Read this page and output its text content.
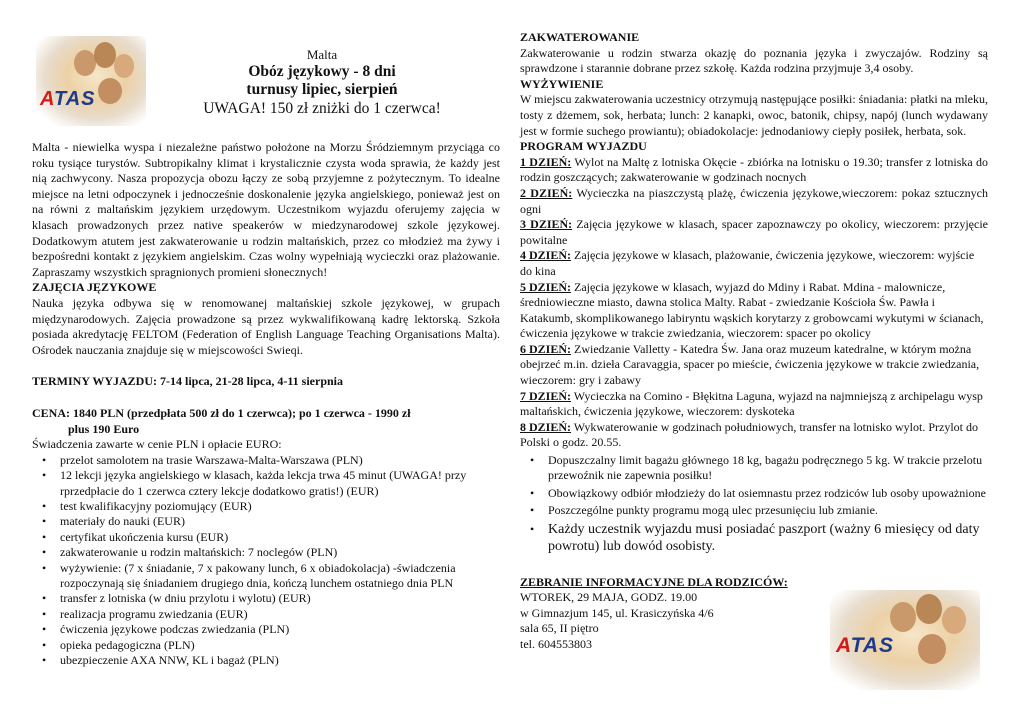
ATAS
Malta
Obóz językowy - 8 dni
turnusy lipiec, sierpień
UWAGA! 150 zł zniżki do 1 czerwca!

Malta - niewielka wyspa i niezależne państwo położone na Morzu Śródziemnym przyciąga co roku tysiące turystów. Subtropikalny klimat i krystalicznie czysta woda sprawia, że każdy jest nią zachwycony. Nasza propozycja obozu łączy ze sobą przyjemne z pożytecznym. To idealne miejsce na letni odpoczynek i jednocześnie doskonalenie języka angielskiego, ponieważ jest on na równi z maltańskim językiem urzędowym. Uczestnikom wyjazdu oferujemy zajęcia w klasach prowadzonych przez native speakerów w miedzynarodowej szkole językowej. Dodatkowym atutem jest zakwaterowanie u rodzin maltańskich, przez co młodzież ma żywy i bezpośredni kontakt z językiem angielskim. Czas wolny wypełniają wycieczki oraz plażowanie. Zapraszamy wszystkich spragnionych promieni słonecznych!

ZAJĘCIA JĘZYKOWE

Nauka języka odbywa się w renomowanej maltańskiej szkole językowej, w grupach międzynarodowych. Zajęcia prowadzone są przez wykwalifikowaną kadrę lektorską. Szkoła posiada akredytację FELTOM (Federation of English Language Teaching Organisations Malta). Ośrodek nauczania znajduje się w miejscowości Swieqi.

TERMINY WYJAZDU: 7-14 lipca, 21-28 lipca, 4-11 sierpnia
CENA: 1840 PLN (przedpłata 500 zł do 1 czerwca); po 1 czerwca - 1990 zł
plus 190 Euro
Świadczenia zawarte w cenie PLN i opłacie EURO:
• przelot samolotem na trasie Warszawa-Malta-Warszawa (PLN)
• 12 lekcji języka angielskiego w klasach, każda lekcja trwa 45 minut (UWAGA! przy rprzedpłacie do 1 czerwca cztery lekcje dodatkowo gratis!) (EUR)
• test kwalifikacyjny poziomujący (EUR)
• materiały do nauki (EUR)
• certyfikat ukończenia kursu (EUR)
• zakwaterowanie u rodzin maltańskich: 7 noclegów (PLN)
• wyżywienie: (7 x śniadanie, 7 x pakowany lunch, 6 x obiadokolacja) -świadczenia rozpoczynają się śniadaniem drugiego dnia, kończą lunchem ostatniego dnia PLN
• transfer z lotniska (w dniu przylotu i wylotu) (EUR)
• realizacja programu zwiedzania (EUR)
• ćwiczenia językowe podczas zwiedzania (PLN)
• opieka pedagogiczna (PLN)
• ubezpieczenie AXA NNW, KL i bagaż (PLN)
ZAKWATEROWANIE

Zakwaterowanie u rodzin stwarza okazję do poznania języka i zwyczajów. Rodziny są sprawdzone i starannie dobrane przez szkołę. Każda rodzina przyjmuje 3,4 osoby.

WYŻYWIENIE

W miejscu zakwaterowania uczestnicy otrzymują następujące posiłki: śniadania: płatki na mleku, tosty z dżemem, sok, herbata; lunch: 2 kanapki, owoc, batonik, chipsy, napój (lunch wydawany jest w formie suchego prowiantu); obiadokolacje: jednodaniowy ciepły posiłek, herbata, sok.

PROGRAM WYJAZDU
1 DZIEŃ: Wylot na Maltę z lotniska Okęcie - zbiórka na lotnisku o 19.30; transfer z lotniska do rodzin goszczących; zakwaterowanie w godzinach nocnych
2 DZIEŃ: Wycieczka na piaszczystą plażę, ćwiczenia językowe,wieczorem: pokaz sztucznych ogni
3 DZIEŃ: Zajęcia językowe w klasach, spacer zapoznawczy po okolicy, wieczorem: przyjęcie powitalne
4 DZIEŃ: Zajęcia językowe w klasach, plażowanie, ćwiczenia językowe, wieczorem: wyjście do kina
5 DZIEŃ: Zajęcia językowe w klasach, wyjazd do Mdiny i Rabat. Mdina - malownicze, średniowieczne miasto, dawna stolica Malty. Rabat - zwiedzanie Kościoła Św. Pawła i Katakumb, skomplikowanego labiryntu wąskich korytarzy z grobowcami wykutymi w ścianach, ćwiczenia językowe w trakcie zwiedzania, wieczorem: spacer po okolicy
6 DZIEŃ: Zwiedzanie Valletty - Katedra Św. Jana oraz muzeum katedralne, w którym można obejrzeć m.in. dzieła Caravaggia, spacer po mieście, ćwiczenia językowe w trakcie zwiedzania, wieczorem: gry i zabawy
7 DZIEŃ: Wycieczka na Comino - Błękitna Laguna, wyjazd na najmniejszą z archipelagu wysp maltańskich, ćwiczenia językowe, wieczorem: dyskoteka
8 DZIEŃ: Wykwaterowanie w godzinach południowych, transfer na lotnisko wylot. Przylot do Polski o godz. 20.55.
• Dopuszczalny limit bagażu głównego 18 kg, bagażu podręcznego 5 kg. W trakcie przelotu przewoźnik nie zapewnia posiłku!
• Obowiązkowy odbiór młodzieży do lat osiemnastu przez rodziców lub osoby upoważnione
• Poszczególne punkty programu mogą ulec przesunięciu lub zmianie.
• Każdy uczestnik wyjazdu musi posiadać paszport (ważny 6 miesięcy od daty powrotu) lub dowód osobisty.
ZEBRANIE INFORMACYJNE DLA RODZICÓW:
WTOREK, 29 MAJA, GODZ. 19.00
w Gimnazjum 145, ul. Krasiczyńska 4/6
sala 65, II piętro
tel. 604553803	ATAS
